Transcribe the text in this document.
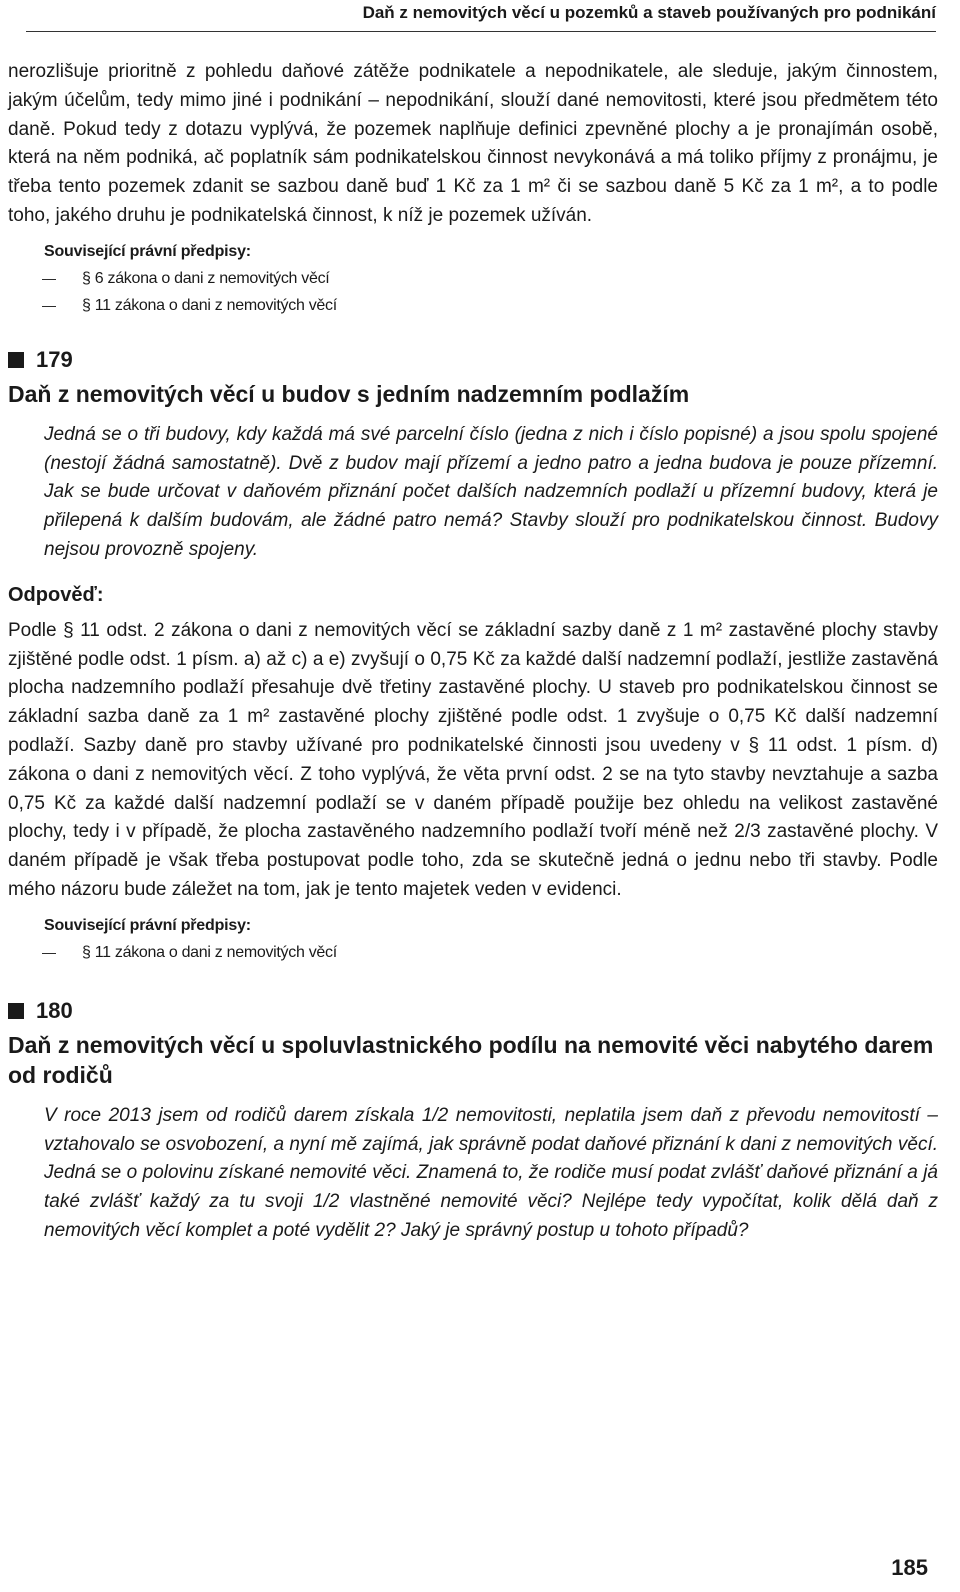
Daň z nemovitých věcí u pozemků a staveb používaných pro podnikání

nerozlišuje prioritně z pohledu daňové zátěže podnikatele a nepodnikatele, ale sleduje, jakým činnostem, jakým účelům, tedy mimo jiné i podnikání – nepodnikání, slouží dané nemovitosti, které jsou předmětem této daně. Pokud tedy z dotazu vyplývá, že pozemek naplňuje definici zpevněné plochy a je pronajímán osobě, která na něm podniká, ač poplatník sám podnikatelskou činnost nevykonává a má toliko příjmy z pronájmu, je třeba tento pozemek zdanit se sazbou daně buď 1 Kč za 1 m² či se sazbou daně 5 Kč za 1 m², a to podle toho, jakého druhu je podnikatelská činnost, k níž je pozemek užíván.

Související právní předpisy:
— § 6 zákona o dani z nemovitých věcí
— § 11 zákona o dani z nemovitých věcí
179
Daň z nemovitých věcí u budov s jedním nadzemním podlažím

Jedná se o tři budovy, kdy každá má své parcelní číslo (jedna z nich i číslo popisné) a jsou spolu spojené (nestojí žádná samostatně). Dvě z budov mají přízemí a jedno patro a jedna budova je pouze přízemní. Jak se bude určovat v daňovém přiznání počet dalších nadzemních podlaží u přízemní budovy, která je přilepená k dalším budovám, ale žádné patro nemá? Stavby slouží pro podnikatelskou činnost. Budovy nejsou provozně spojeny.

Odpověď:

Podle § 11 odst. 2 zákona o dani z nemovitých věcí se základní sazby daně z 1 m² zastavěné plochy stavby zjištěné podle odst. 1 písm. a) až c) a e) zvyšují o 0,75 Kč za každé další nadzemní podlaží, jestliže zastavěná plocha nadzemního podlaží přesahuje dvě třetiny zastavěné plochy. U staveb pro podnikatelskou činnost se základní sazba daně za 1 m² zastavěné plochy zjištěné podle odst. 1 zvyšuje o 0,75 Kč další nadzemní podlaží. Sazby daně pro stavby užívané pro podnikatelské činnosti jsou uvedeny v § 11 odst. 1 písm. d) zákona o dani z nemovitých věcí. Z toho vyplývá, že věta první odst. 2 se na tyto stavby nevztahuje a sazba 0,75 Kč za každé další nadzemní podlaží se v daném případě použije bez ohledu na velikost zastavěné plochy, tedy i v případě, že plocha zastavěného nadzemního podlaží tvoří méně než 2/3 zastavěné plochy. V daném případě je však třeba postupovat podle toho, zda se skutečně jedná o jednu nebo tři stavby. Podle mého názoru bude záležet na tom, jak je tento majetek veden v evidenci.

Související právní předpisy:
— § 11 zákona o dani z nemovitých věcí
180
Daň z nemovitých věcí u spoluvlastnického podílu na nemovité věci nabytého darem od rodičů

V roce 2013 jsem od rodičů darem získala 1/2 nemovitosti, neplatila jsem daň z převodu nemovitostí – vztahovalo se osvobození, a nyní mě zajímá, jak správně podat daňové přiznání k dani z nemovitých věcí. Jedná se o polovinu získané nemovité věci. Znamená to, že rodiče musí podat zvlášť daňové přiznání a já také zvlášť každý za tu svoji 1/2 vlastněné nemovité věci? Nejlépe tedy vypočítat, kolik dělá daň z nemovitých věcí komplet a poté vydělit 2? Jaký je správný postup u tohoto případů?

185
